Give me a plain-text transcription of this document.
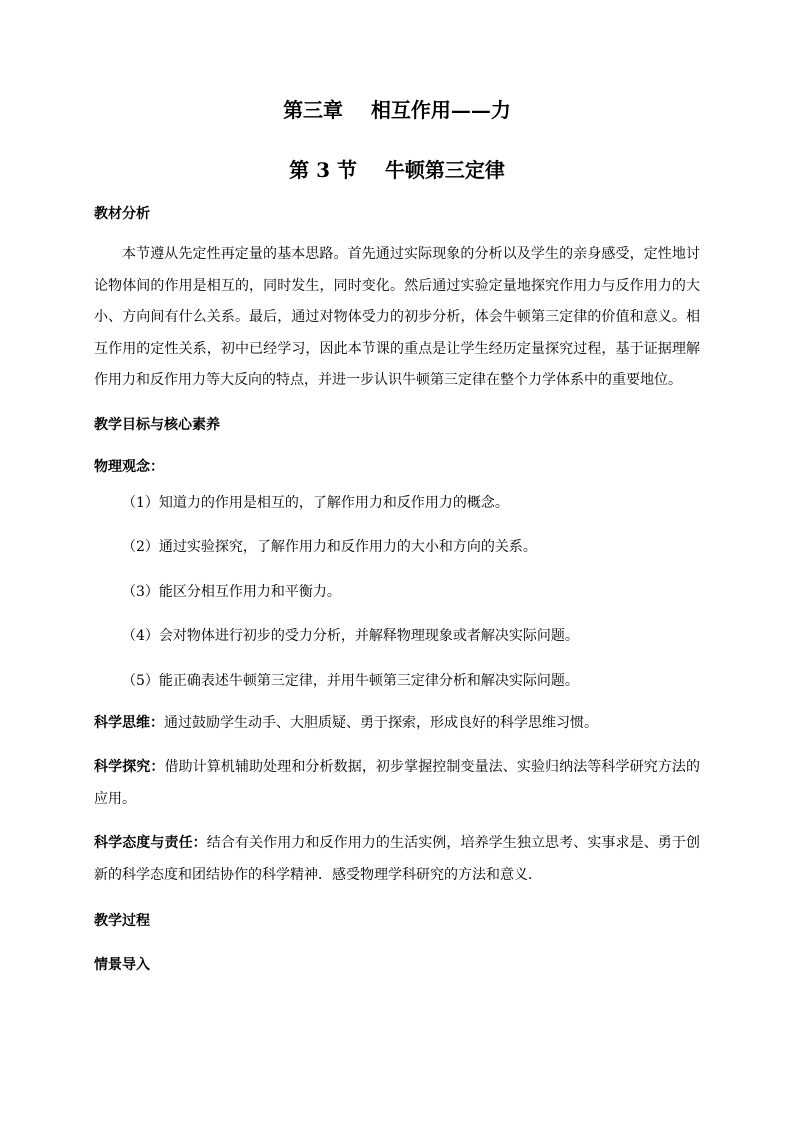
第三章    相互作用——力
第 3 节    牛顿第三定律
教材分析

本节遵从先定性再定量的基本思路。首先通过实际现象的分析以及学生的亲身感受，定性地讨论物体间的作用是相互的，同时发生，同时变化。然后通过实验定量地探究作用力与反作用力的大小、方向间有什么关系。最后，通过对物体受力的初步分析，体会牛顿第三定律的价值和意义。相互作用的定性关系，初中已经学习，因此本节课的重点是让学生经历定量探究过程，基于证据理解作用力和反作用力等大反向的特点，并进一步认识牛顿第三定律在整个力学体系中的重要地位。

教学目标与核心素养
物理观念：
（1）知道力的作用是相互的，了解作用力和反作用力的概念。
（2）通过实验探究，了解作用力和反作用力的大小和方向的关系。
（3）能区分相互作用力和平衡力。
（4）会对物体进行初步的受力分析，并解释物理现象或者解决实际问题。
（5）能正确表述牛顿第三定律，并用牛顿第三定律分析和解决实际问题。

科学思维：通过鼓励学生动手、大胆质疑、勇于探索，形成良好的科学思维习惯。

科学探究：借助计算机辅助处理和分析数据，初步掌握控制变量法、实验归纳法等科学研究方法的应用。

科学态度与责任：结合有关作用力和反作用力的生活实例，培养学生独立思考、实事求是、勇于创新的科学态度和团结协作的科学精神．感受物理学科研究的方法和意义．

教学过程
情景导入
